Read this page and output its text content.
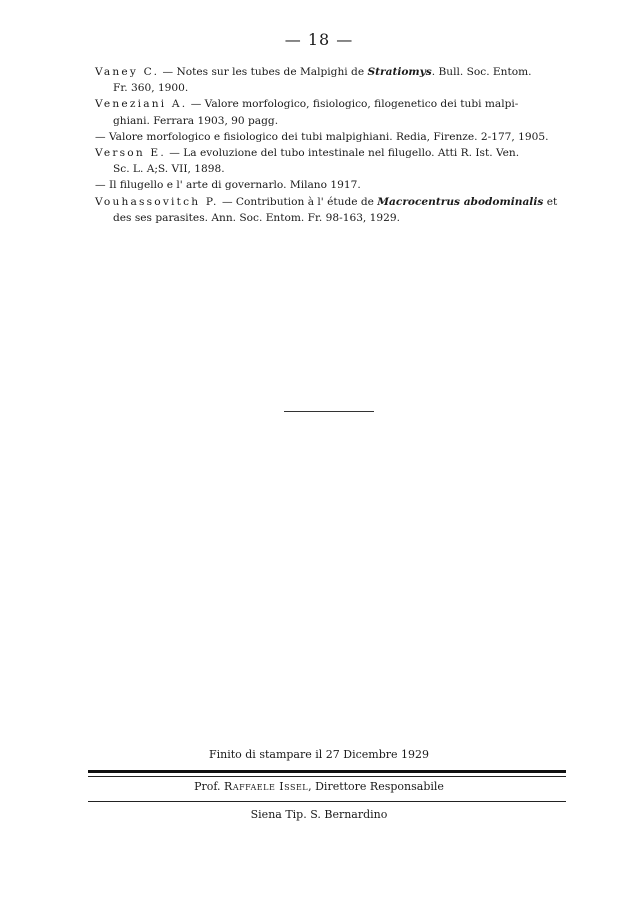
— 18 —
Vaney C. — Notes sur les tubes de Malpighi de Stratiomys. Bull. Soc. Entom.
Fr. 360, 1900.
Veneziani A. — Valore morfologico, fisiologico, filogenetico dei tubi malpi-
ghiani. Ferrara 1903, 90 pagg.
— Valore morfologico e fisiologico dei tubi malpighiani. Redia, Firenze. 2-177, 1905.
Verson E. — La evoluzione del tubo intestinale nel filugello. Atti R. Ist. Ven.
Sc. L. A;S. VII, 1898.
— Il filugello e l' arte di governarlo. Milano 1917.
Vouhassovitch P. — Contribution à l' étude de Macrocentrus abodominalis et
des ses parasites. Ann. Soc. Entom. Fr. 98-163, 1929.
Finito di stampare il 27 Dicembre 1929
Prof. Raffaele Issel, Direttore Responsabile
Siena Tip. S. Bernardino
